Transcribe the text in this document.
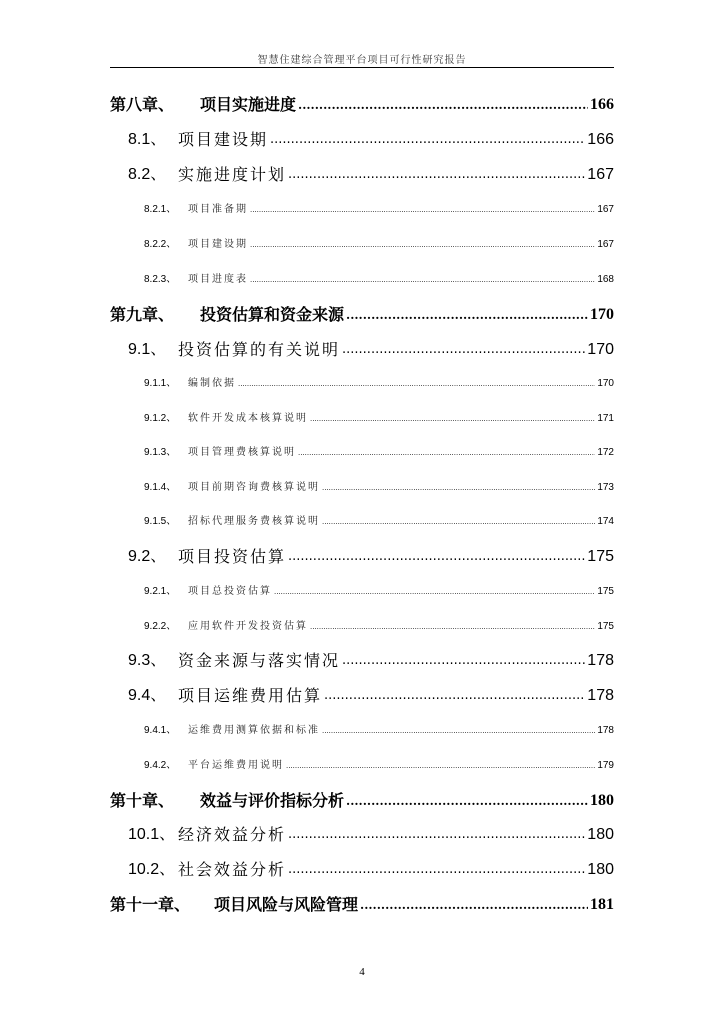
智慧住建综合管理平台项目可行性研究报告
第八章、	项目实施进度 .....	166
8.1、 项目建设期 .....	166
8.2、 实施进度计划 .....	167
8.2.1、	项目准备期 .....	167
8.2.2、	项目建设期 .....	167
8.2.3、	项目进度表 .....	168
第九章、	投资估算和资金来源 .....	170
9.1、 投资估算的有关说明 .....	170
9.1.1、	编制依据 .....	170
9.1.2、	软件开发成本核算说明 .....	171
9.1.3、	项目管理费核算说明 .....	172
9.1.4、	项目前期咨询费核算说明 .....	173
9.1.5、	招标代理服务费核算说明 .....	174
9.2、 项目投资估算 .....	175
9.2.1、	项目总投资估算 .....	175
9.2.2、	应用软件开发投资估算 .....	175
9.3、 资金来源与落实情况 .....	178
9.4、 项目运维费用估算 .....	178
9.4.1、	运维费用测算依据和标准 .....	178
9.4.2、	平台运维费用说明 .....	179
第十章、	效益与评价指标分析 .....	180
10.1、 经济效益分析 .....	180
10.2、 社会效益分析 .....	180
第十一章、	项目风险与风险管理 .....	181
4
